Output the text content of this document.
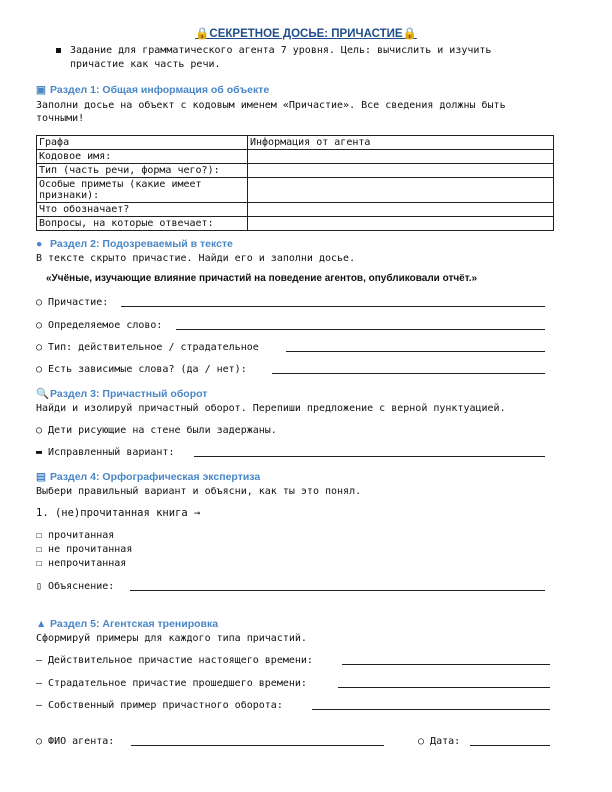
🔒СЕКРЕТНОЕ ДОСЬЕ: ПРИЧАСТИЕ🔒
Задание для грамматического агента 7 уровня. Цель: вычислить и изучить
причастие как часть речи.
▣ Раздел 1: Общая информация об объекте
Заполни досье на объект с кодовым именем «Причастие». Все сведения должны быть
точными!
Графа	Информация от агента
Кодовое имя:	
Тип (часть речи, форма чего?):	
Особые приметы (какие имеет признаки):	
Что обозначает?	
Вопросы, на которые отвечает:	
● Раздел 2: Подозреваемый в тексте
В тексте скрыто причастие. Найди его и заполни досье.
«Учёные, изучающие влияние причастий на поведение агентов, опубликовали отчёт.»
○ Причастие:
○ Определяемое слово:
○ Тип: действительное / страдательное
○ Есть зависимые слова? (да / нет):
🔍Раздел 3: Причастный оборот
Найди и изолируй причастный оборот. Перепиши предложение с верной пунктуацией.
○ Дети рисующие на стене были задержаны.
▬ Исправленный вариант:
▤ Раздел 4: Орфографическая экспертиза
Выбери правильный вариант и объясни, как ты это понял.
1. (не)прочитанная книга →
☐ прочитанная
☐ не прочитанная
☐ непрочитанная
▯ Объяснение:
▲ Раздел 5: Агентская тренировка
Сформируй примеры для каждого типа причастий.
— Действительное причастие настоящего времени:
— Страдательное причастие прошедшего времени:
— Собственный пример причастного оборота:
○ ФИО агента:	○ Дата:
